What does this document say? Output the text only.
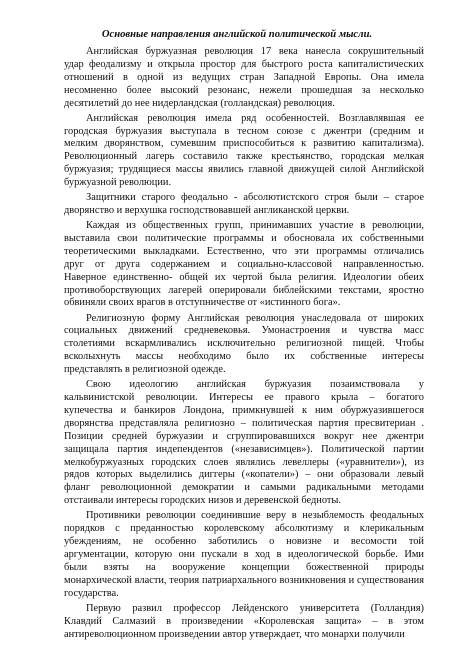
Основные направления английской политической мысли.
Английская буржуазная революция 17 века нанесла сокрушительный
удар феодализму и открыла простор для быстрого роста капиталистических
отношений в одной из ведущих стран Западной Европы. Она имела
несомненно более высокий резонанс, нежели прошедшая за несколько
десятилетий до нее нидерландская (голландская) революция.
Английская революция имела ряд особенностей. Возглавлявшая ее
городская буржуазия выступала в тесном союзе с джентри (средним и
мелким дворянством, сумевшим приспособиться к развитию капитализма).
Революционный лагерь составило также крестьянство, городская мелкая
буржуазия; трудящиеся массы явились главной движущей силой Английской
буржуазной революции.
Защитники старого феодально - абсолютистского строя были – старое
дворянство и верхушка господствовавшей англиканской церкви.
Каждая из общественных групп, принимавших участие в революции,
выставила свои политические программы и обосновала их собственными
теоретическими выкладками. Естественно, что эти программы отличались
друг от друга содержанием и социально-классовой направленностью.
Наверное единственно- общей их чертой была религия. Идеологии обеих
противоборствующих лагерей оперировали библейскими текстами, яростно
обвиняли своих врагов в отступничестве от «истинного бога».
Религиозную форму Английская революция унаследовала от широких
социальных движений средневековья. Умонастроения и чувства масс
столетиями вскармливались исключительно религиозной пищей. Чтобы
всколыхнуть массы необходимо было их собственные интересы
представлять в религиозной одежде.
Свою идеологию английская буржуазия позаимствовала у
кальвинистской революции. Интересы ее правого крыла – богатого
купечества и банкиров Лондона, примкнувшей к ним обуржуазившегося
дворянства представляла религиозно – политическая партия пресвитериан .
Позиции средней буржуазии и сгруппировавшихся вокруг нее джентри
защищала партия индепендентов («независимцев»). Политической партии
мелкобуржуазных городских слоев являлись левеллеры («уравнители»), из
рядов которых выделились диггеры («копатели») – они образовали левый
фланг революционной демократии и самыми радикальными методами
отстаивали интересы городских низов и деревенской бедноты.
Противники революции соединившие веру в незыблемость феодальных
порядков с преданностью королевскому абсолютизму и клерикальным
убеждениям, не особенно заботились о новизне и весомости той
аргументации, которую они пускали в ход в идеологической борьбе. Ими
были взяты на вооружение концепции божественной природы
монархической власти, теория патриархального возникновения и существования
государства.
Первую развил профессор Лейденского университета (Голландия)
Клавдий Салмазий в произведении «Королевская защита» – в этом
антиреволюционном произведении автор утверждает, что монархи получили
